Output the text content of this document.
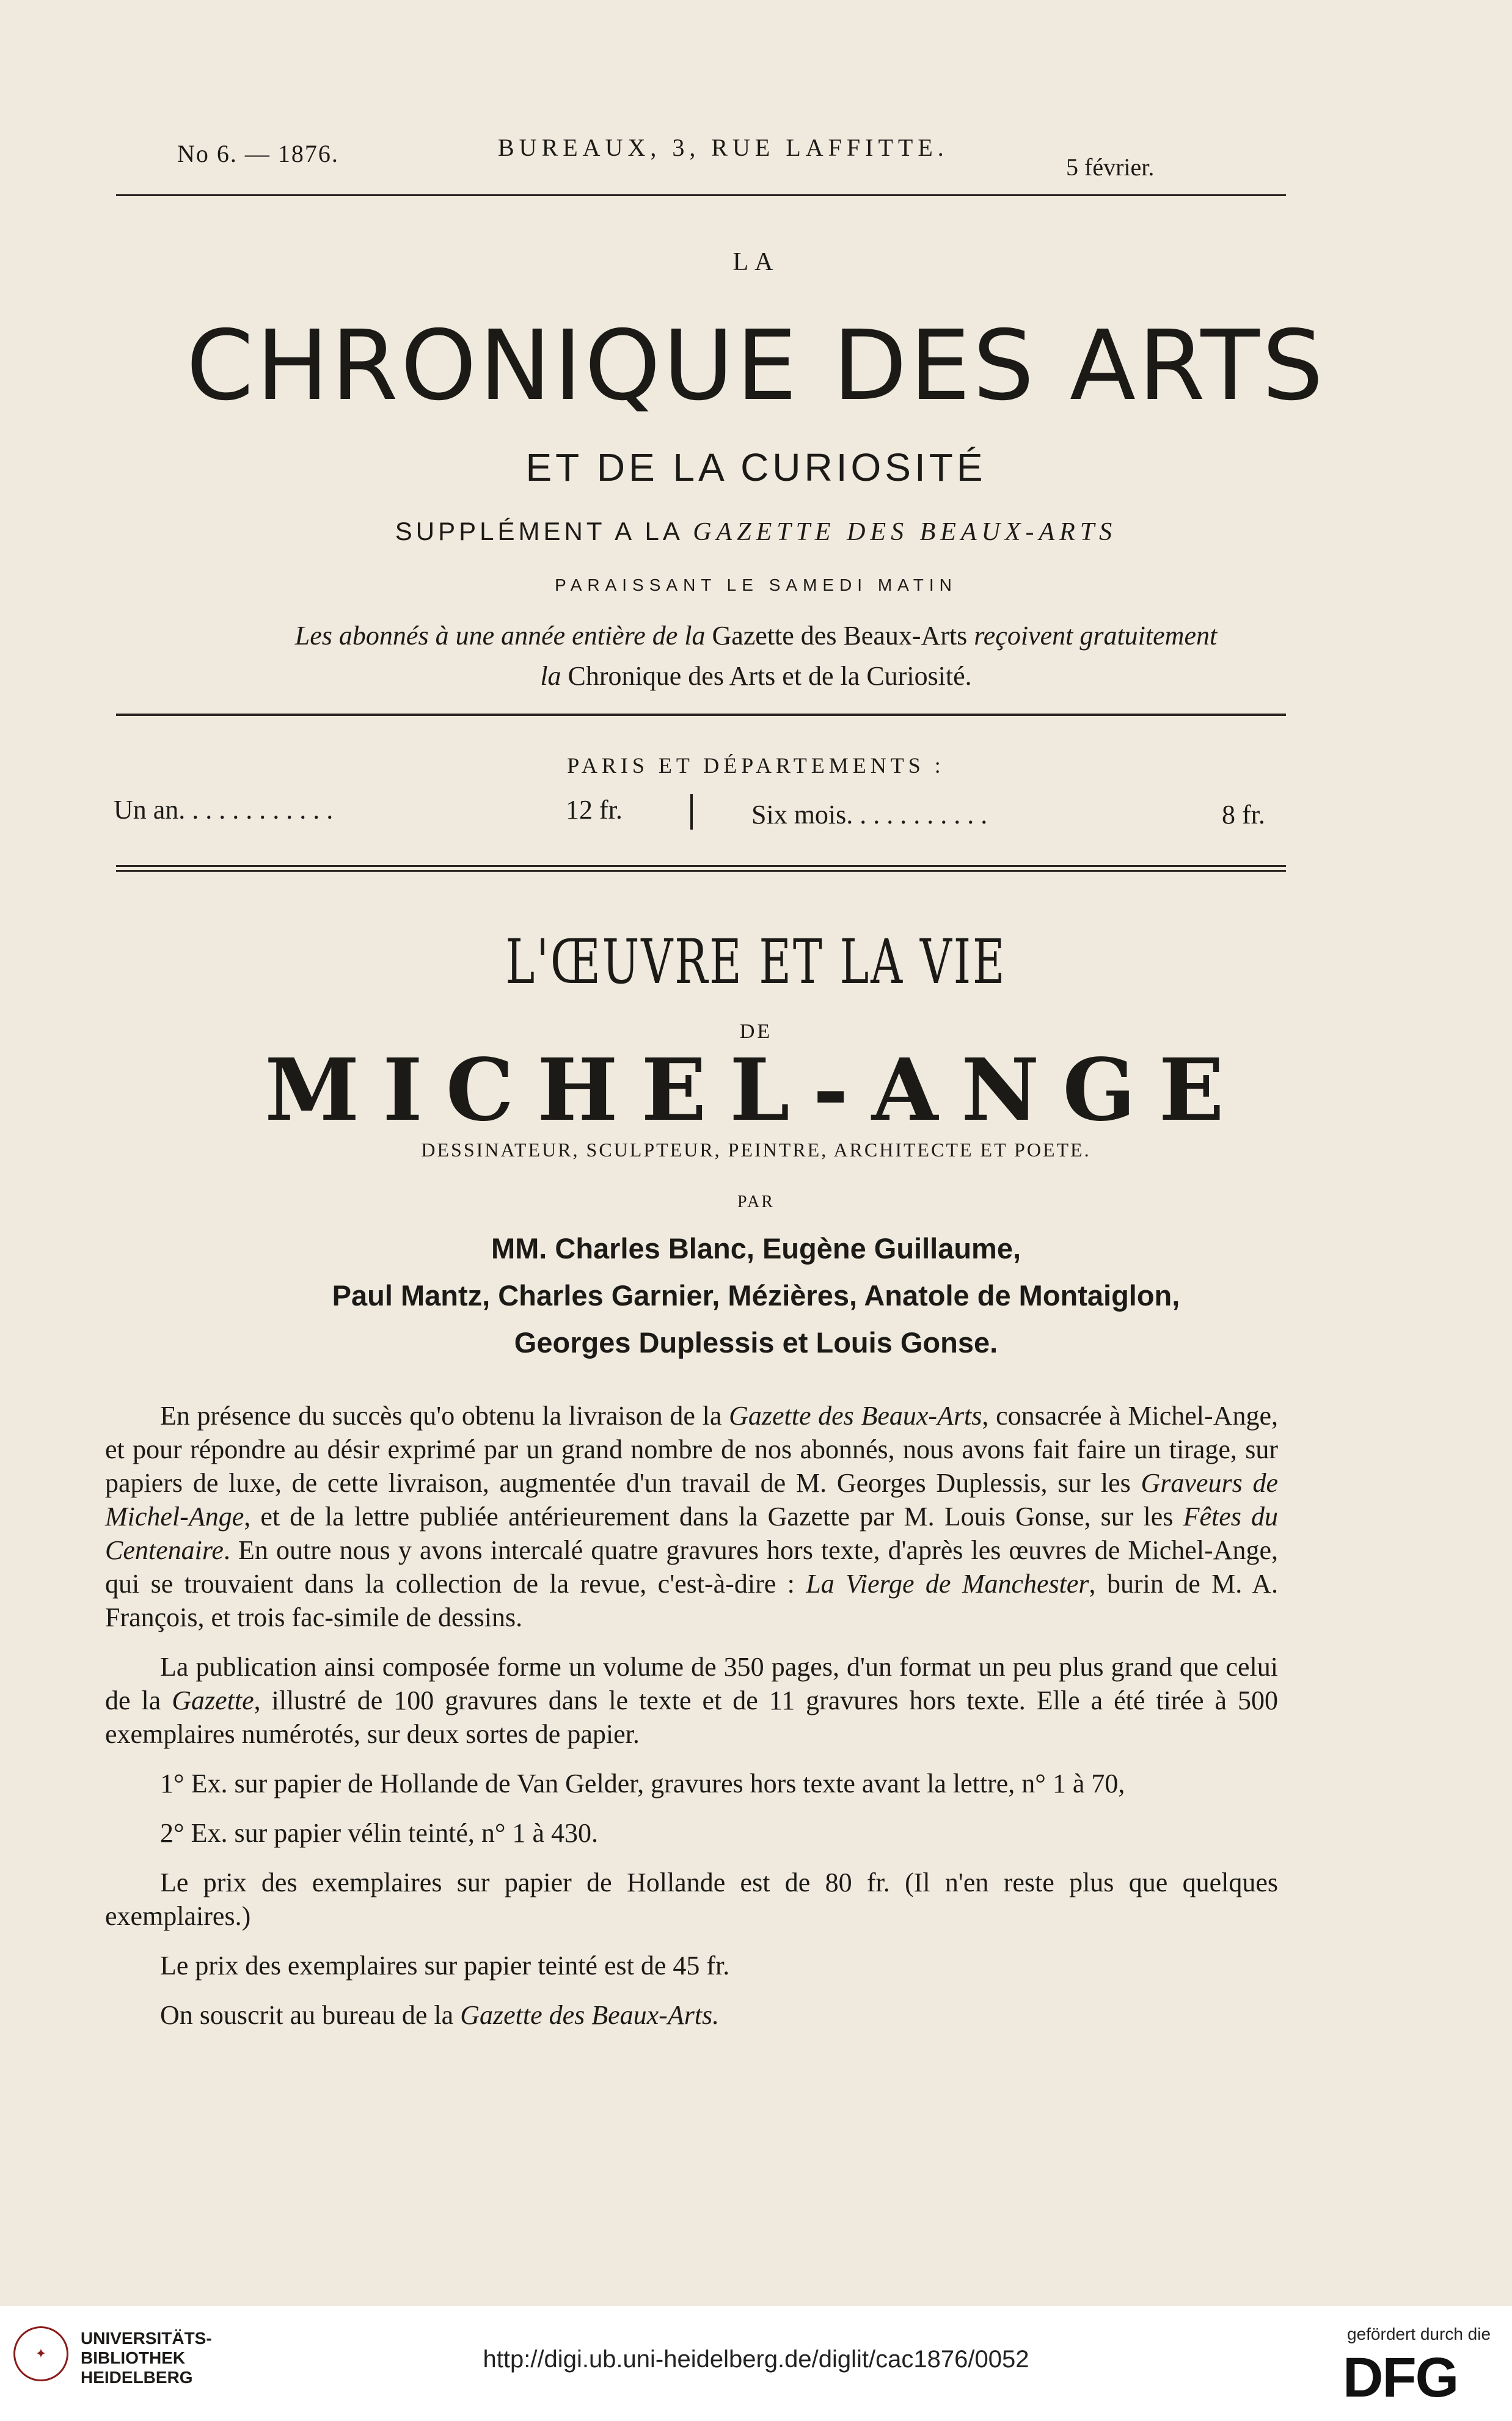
No 6. — 1876.	BUREAUX, 3, RUE LAFFITTE.
5 février.
LA
CHRONIQUE DES ARTS
ET DE LA CURIOSITÉ
SUPPLÉMENT A LA GAZETTE DES BEAUX-ARTS
PARAISSANT LE SAMEDI MATIN
Les abonnés à une année entière de la Gazette des Beaux-Arts reçoivent gratuitement
la Chronique des Arts et de la Curiosité.
PARIS ET DÉPARTEMENTS :
Un an. . . . . . . . . . . .	12 fr.	Six mois. . . . . . . . . . .	8 fr.
L'ŒUVRE ET LA VIE
DE
MICHEL-ANGE
DESSINATEUR, SCULPTEUR, PEINTRE, ARCHITECTE ET POETE.
PAR
MM. Charles Blanc, Eugène Guillaume,
Paul Mantz, Charles Garnier, Mézières, Anatole de Montaiglon,
Georges Duplessis et Louis Gonse.

En présence du succès qu'o obtenu la livraison de la Gazette des Beaux-Arts, consacrée à Michel-Ange, et pour répondre au désir exprimé par un grand nombre de nos abonnés, nous avons fait faire un tirage, sur papiers de luxe, de cette livraison, augmentée d'un travail de M. Georges Duplessis, sur les Graveurs de Michel-Ange, et de la lettre publiée antérieurement dans la Gazette par M. Louis Gonse, sur les Fêtes du Centenaire. En outre nous y avons intercalé quatre gravures hors texte, d'après les œuvres de Michel-Ange, qui se trouvaient dans la collection de la revue, c'est-à-dire : La Vierge de Manchester, burin de M. A. François, et trois fac-simile de dessins.

La publication ainsi composée forme un volume de 350 pages, d'un format un peu plus grand que celui de la Gazette, illustré de 100 gravures dans le texte et de 11 gravures hors texte. Elle a été tirée à 500 exemplaires numérotés, sur deux sortes de papier.

1° Ex. sur papier de Hollande de Van Gelder, gravures hors texte avant la lettre, n° 1 à 70,

2° Ex. sur papier vélin teinté, n° 1 à 430.

Le prix des exemplaires sur papier de Hollande est de 80 fr. (Il n'en reste plus que quelques exemplaires.)

Le prix des exemplaires sur papier teinté est de 45 fr.

On souscrit au bureau de la Gazette des Beaux-Arts.

✦
UNIVERSITÄTS-
BIBLIOTHEK
HEIDELBERG
http://digi.ub.uni-heidelberg.de/diglit/cac1876/0052
gefördert durch die
DFG
